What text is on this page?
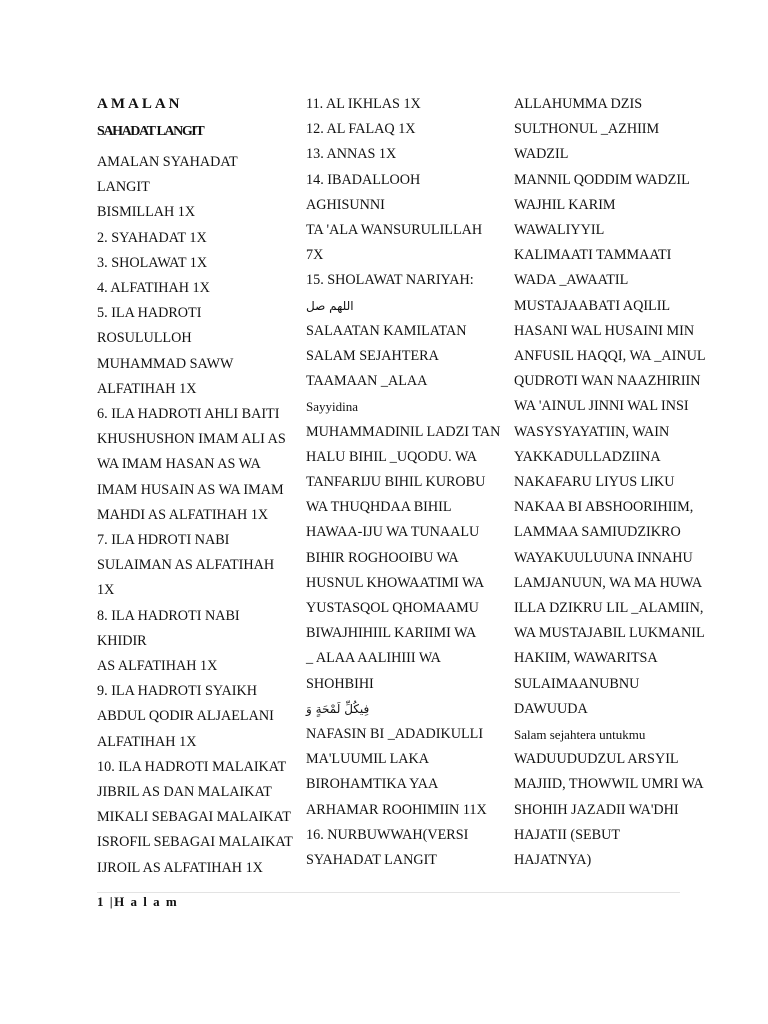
AMALAN
SAHADAT LANGIT
AMALAN SYAHADAT
LANGIT
BISMILLAH 1X
2. SYAHADAT 1X
3. SHOLAWAT 1X
4. ALFATIHAH 1X
5. ILA HADROTI
ROSULULLOH
MUHAMMAD SAWW
ALFATIHAH 1X
6. ILA HADROTI AHLI BAITI
KHUSHUSHON IMAM ALI AS
WA IMAM HASAN AS WA
IMAM HUSAIN AS WA IMAM
MAHDI AS ALFATIHAH 1X
7. ILA HDROTI NABI
SULAIMAN AS ALFATIHAH
1X
8. ILA HADROTI NABI
KHIDIR
AS ALFATIHAH 1X
9. ILA HADROTI SYAIKH
ABDUL QODIR ALJAELANI
ALFATIHAH 1X
10. ILA HADROTI MALAIKAT
JIBRIL AS DAN MALAIKAT
MIKALI SEBAGAI MALAIKAT
ISROFIL SEBAGAI MALAIKAT
IJROIL AS ALFATIHAH 1X
11. AL IKHLAS 1X
12. AL FALAQ 1X
13. ANNAS 1X
14. IBADALLOOH
AGHISUNNI
TA 'ALA WANSURULILLAH
7X
15. SHOLAWAT NARIYAH:
اللهم صل
SALAATAN KAMILATAN
SALAM SEJAHTERA
TAAMAAN _ALAA
Sayyidina
MUHAMMADINIL LADZI TAN
HALU BIHIL _UQODU. WA
TANFARIJU BIHIL KUROBU
WA THUQHDAA BIHIL
HAWAA-IJU WA TUNAALU
BIHIR ROGHOOIBU WA
HUSNUL KHOWAATIMI WA
YUSTASQOL QHOMAAMU
BIWAJHIHIIL KARIIMI WA
_ ALAA AALIHIII WA
SHOHBIHI
فِيكُلِّ لَمْحَةٍ وَ
NAFASIN BI _ADADIKULLI
MA'LUUMIL LAKA
BIROHAMTIKA YAA
ARHAMAR ROOHIMIIN 11X
16. NURBUWWAH(VERSI
SYAHADAT LANGIT
ALLAHUMMA DZIS
SULTHONUL _AZHIIM
WADZIL
MANNIL QODDIM WADZIL
WAJHIL KARIM
WAWALIYYIL
KALIMAATI TAMMAATI
WADA _AWAATIL
MUSTAJAABATI AQILIL
HASANI WAL HUSAINI MIN
ANFUSIL HAQQI, WA _AINUL
QUDROTI WAN NAAZHIRIIN
WA 'AINUL JINNI WAL INSI
WASYSYAYATIIN, WAIN
YAKKADULLADZIINA
NAKAFARU LIYUS LIKU
NAKAA BI ABSHOORIHIIM,
LAMMAA SAMIUDZIKRO
WAYAKUULUUNA INNAHU
LAMJANUUN, WA MA HUWA
ILLA DZIKRU LIL _ALAMIIN,
WA MUSTAJABIL LUKMANIL
HAKIIM, WAWARITSA
SULAIMAANUBNU
DAWUUDA
Salam sejahtera untukmu
WADUUDUDZUL ARSYIL
MAJIID, THOWWIL UMRI WA
SHOHIH JAZADII WA'DHI
HAJATII (SEBUT
HAJATNYA)
1 |H a l a m
